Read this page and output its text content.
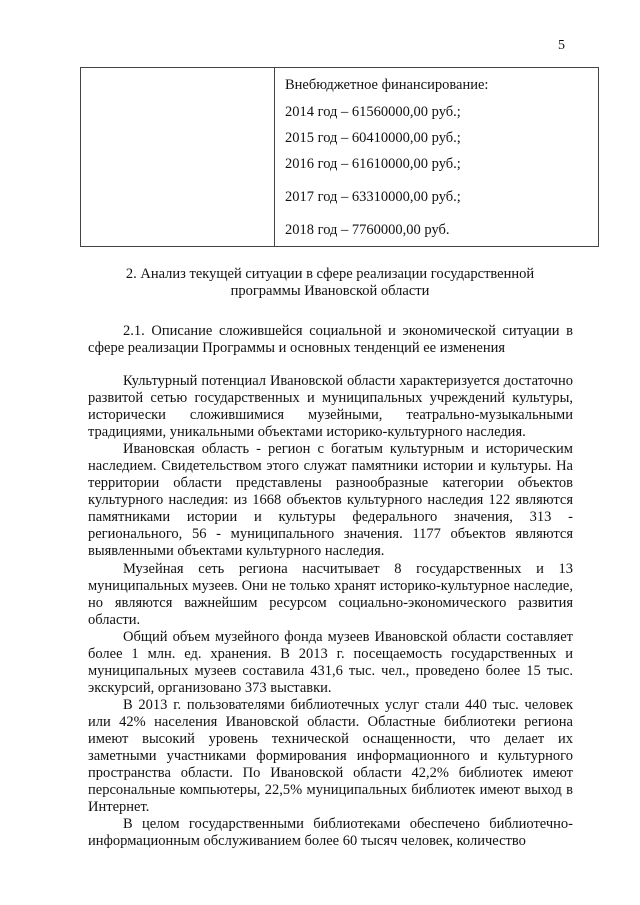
5
Внебюджетное финансирование:
2014 год – 61560000,00 руб.;
2015 год – 60410000,00 руб.;
2016 год – 61610000,00 руб.;
2017 год – 63310000,00 руб.;
2018 год – 7760000,00 руб.
2. Анализ текущей ситуации в сфере реализации государственной
программы Ивановской области
2.1. Описание сложившейся социальной и экономической ситуации в сфере реализации Программы и основных тенденций ее изменения

Культурный потенциал Ивановской области характеризуется достаточно развитой сетью государственных и муниципальных учреждений культуры, исторически сложившимися музейными, театрально-музыкальными традициями, уникальными объектами историко-культурного наследия.

Ивановская область - регион с богатым культурным и историческим наследием. Свидетельством этого служат памятники истории и культуры. На территории области представлены разнообразные категории объектов культурного наследия: из 1668 объектов культурного наследия 122 являются памятниками истории и культуры федерального значения, 313 - регионального, 56 - муниципального значения. 1177 объектов являются выявленными объектами культурного наследия.

Музейная сеть региона насчитывает 8 государственных и 13 муниципальных музеев. Они не только хранят историко-культурное наследие, но являются важнейшим ресурсом социально-экономического развития области.

Общий объем музейного фонда музеев Ивановской области составляет более 1 млн. ед. хранения. В 2013 г. посещаемость государственных и муниципальных музеев составила 431,6 тыс. чел., проведено более 15 тыс. экскурсий, организовано 373 выставки.

В 2013 г. пользователями библиотечных услуг стали 440 тыс. человек или 42% населения Ивановской области. Областные библиотеки региона имеют высокий уровень технической оснащенности, что делает их заметными участниками формирования информационного и культурного пространства области. По Ивановской области 42,2% библиотек имеют персональные компьютеры, 22,5% муниципальных библиотек имеют выход в Интернет.

В целом государственными библиотеками обеспечено библиотечно-информационным обслуживанием более 60 тысяч человек, количество
